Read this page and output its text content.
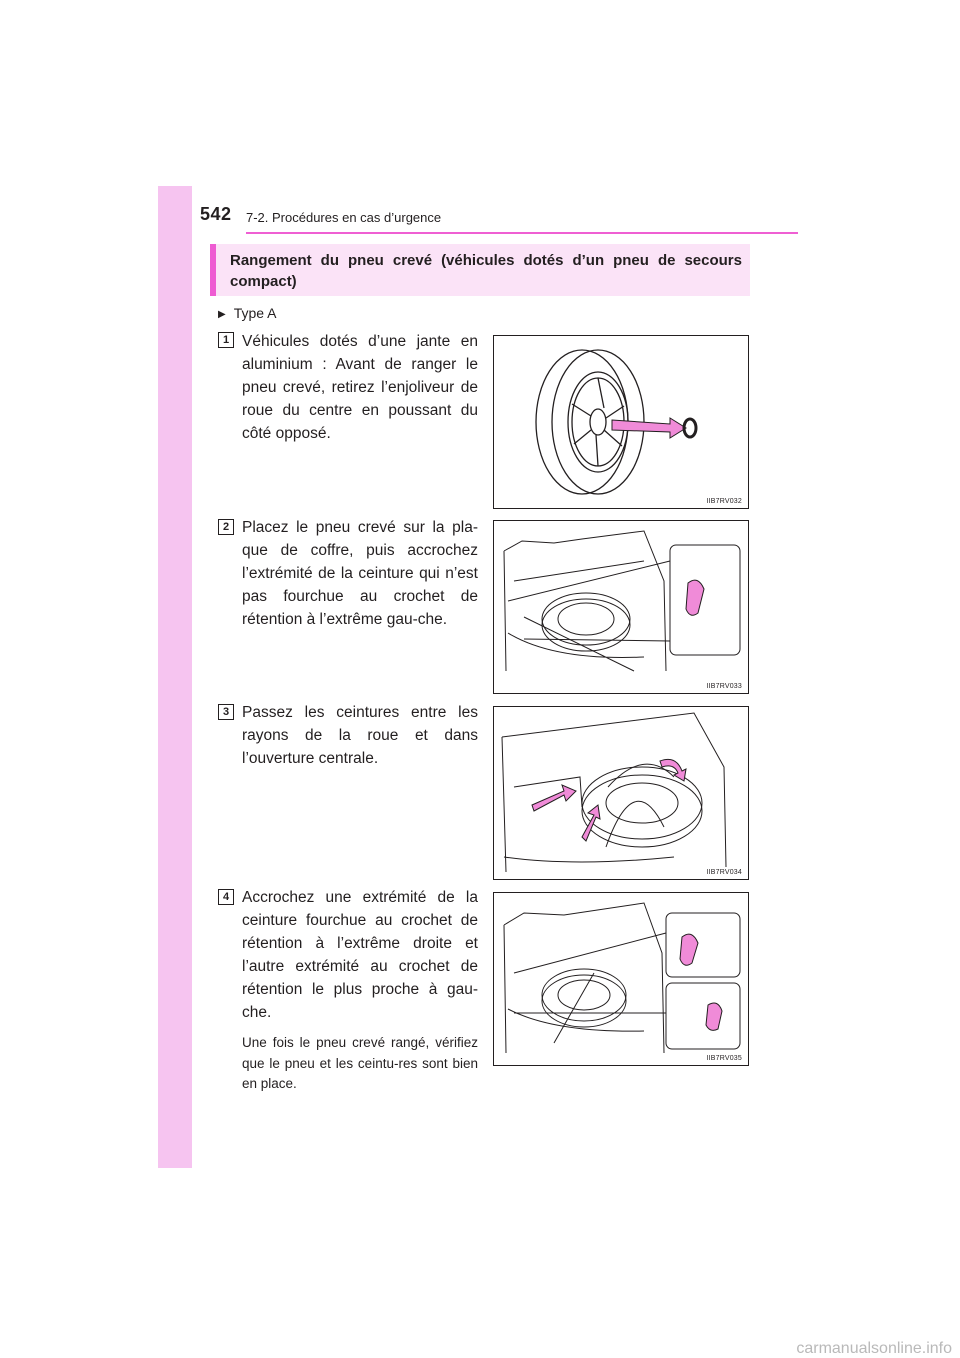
542 7-2. Procédures en cas d’urgence
Rangement du pneu crevé (véhicules dotés d’un pneu de secours compact)
▶ Type A
1 Véhicules dotés d’une jante en aluminium : Avant de ranger le pneu crevé, retirez l’enjoliveur de roue du centre en poussant du côté opposé.
IIB7RV032
2 Placez le pneu crevé sur la pla-que de coffre, puis accrochez l’extrémité de la ceinture qui n’est pas fourchue au crochet de rétention à l’extrême gau-che.
IIB7RV033
3 Passez les ceintures entre les rayons de la roue et dans l’ouverture centrale.
IIB7RV034
4 Accrochez une extrémité de la ceinture fourchue au crochet de rétention à l’extrême droite et l’autre extrémité au crochet de rétention le plus proche à gau-che.
Une fois le pneu crevé rangé, vérifiez que le pneu et les ceintu-res sont bien en place.
IIB7RV035
carmanualsonline.info
